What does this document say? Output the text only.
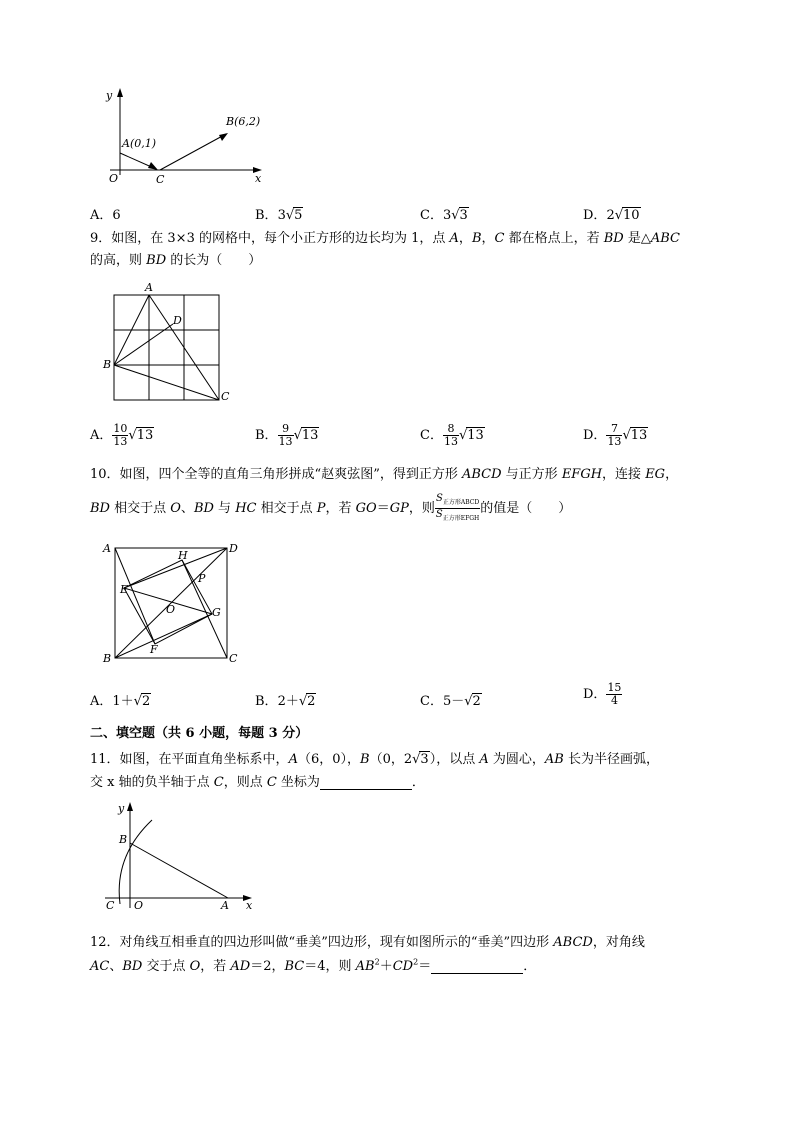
y
x
O	C
A(0,1)
B(6,2)
A．6	B．3√5	C．3√3	D．2√10
9．如图，在 3×3 的网格中，每个小正方形的边长均为 1，点 A，B，C 都在格点上，若 BD 是△ABC
的高，则 BD 的长为（　　）
A
D
B
C
A． $\frac{10}{13} √13$	B． $\frac{9}{13} √13$	C． $\frac{8}{13} √13$	D． $\frac{7}{13} √13$
10．如图，四个全等的直角三角形拼成“赵爽弦图”，得到正方形 ABCD 与正方形 EFGH，连接 EG，
BD 相交于点 O、BD 与 HC 相交于点 P，若 GO＝GP，则 $\frac{S_{正方形ABCD}}{S_{正方形EFGH}}$ 的值是（　　）
A	D
B	C
E
H
P
O	G
F
A．1＋√2	B．2＋√2	C．5－√2	D． $\frac{15}{4}$
二、填空题（共 6 小题，每题 3 分）
11．如图，在平面直角坐标系中，A（6，0），B（0，2√3），以点 A 为圆心，AB 长为半径画弧，
交 x 轴的负半轴于点 C，则点 C 坐标为	．
y
B
C O	A x
12．对角线互相垂直的四边形叫做“垂美”四边形，现有如图所示的“垂美”四边形 ABCD，对角线
AC、BD 交于点 O，若 AD＝2，BC＝4，则 $AB^2+CD^2=$	．
